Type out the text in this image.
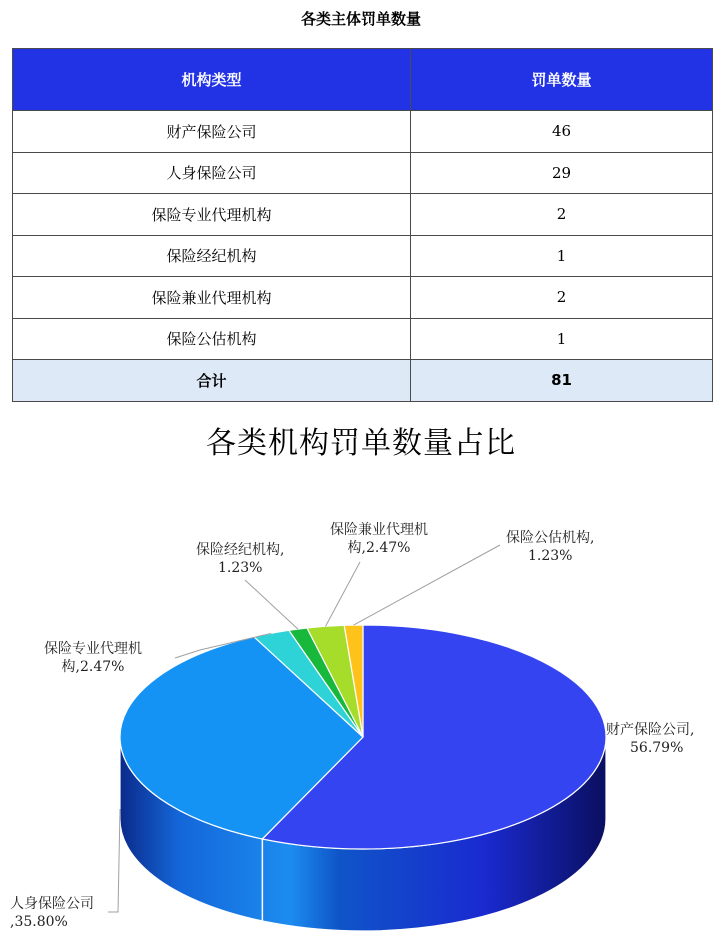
各类主体罚单数量
机构类型	罚单数量
财产保险公司	46
人身保险公司	29
保险专业代理机构	2
保险经纪机构	1
保险兼业代理机构	2
保险公估机构	1
合计	81
各类机构罚单数量占比
财产保险公司,
56.79%
人身保险公司
,35.80%
保险专业代理机
构,2.47%
保险经纪机构,
1.23%
保险兼业代理机
构,2.47%
保险公估机构,
1.23%
